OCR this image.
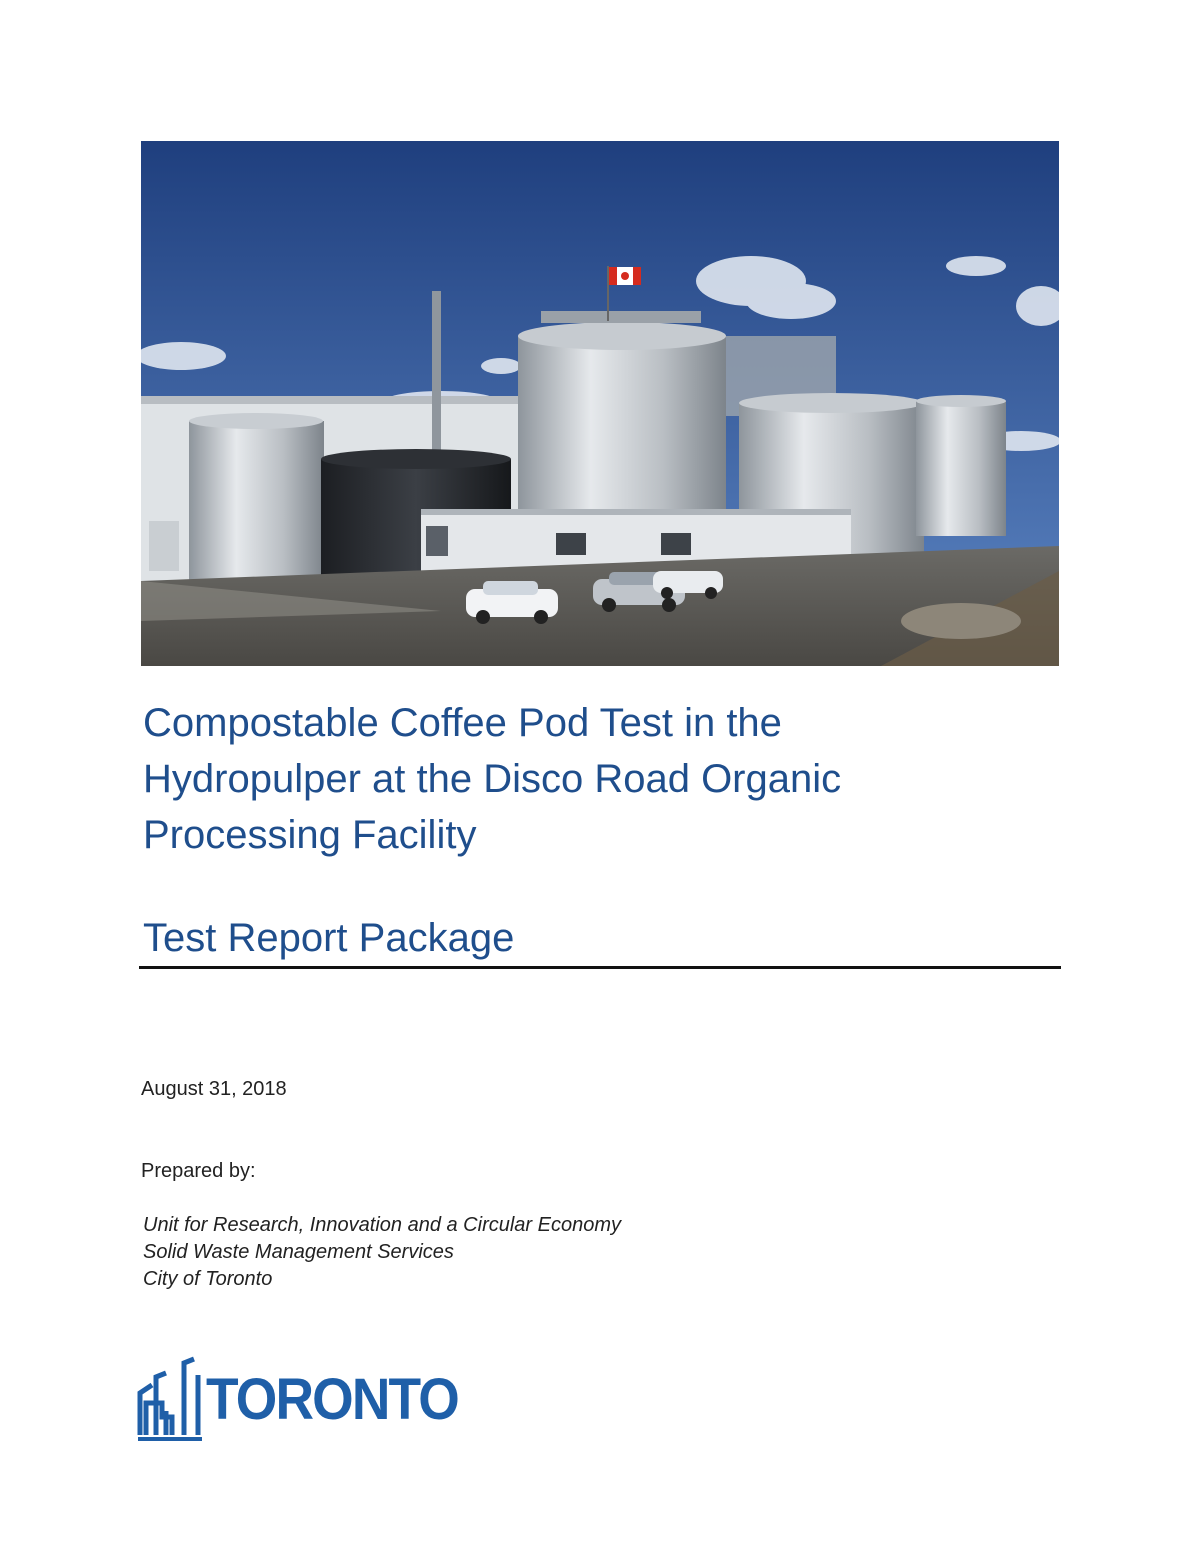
Compostable Coffee Pod Test in the
Hydropulper at the Disco Road Organic
Processing Facility
Test Report Package
August 31, 2018
Prepared by:
Unit for Research, Innovation and a Circular Economy
Solid Waste Management Services
City of Toronto
TORONTO
